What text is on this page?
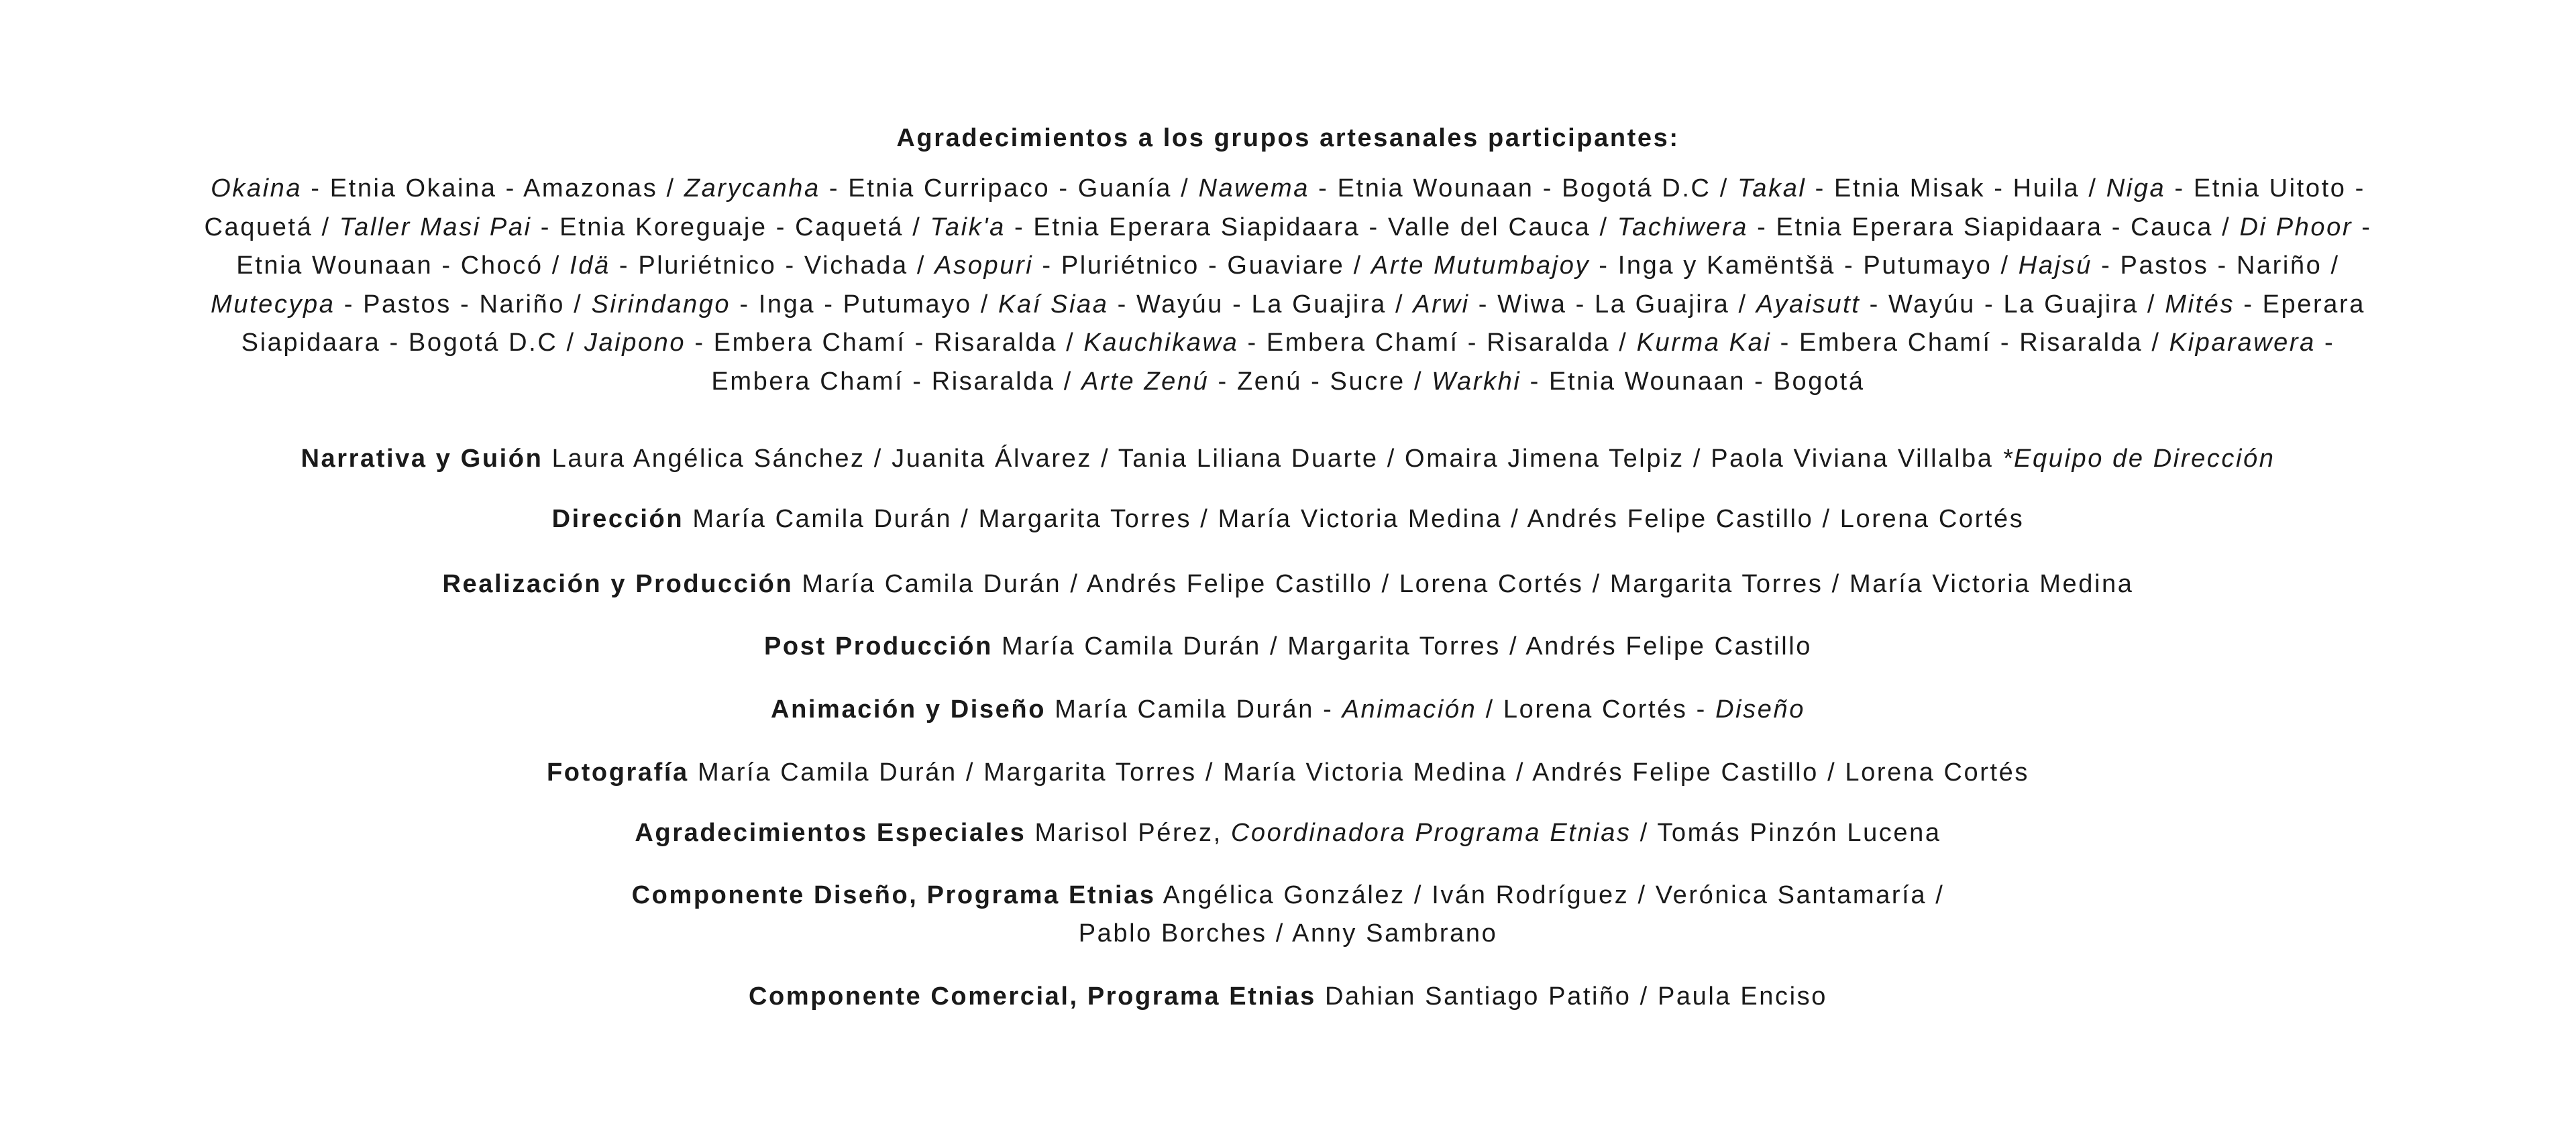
Agradecimientos a los grupos artesanales participantes:

Okaina - Etnia Okaina - Amazonas / Zarycanha - Etnia Curripaco - Guanía / Nawema - Etnia Wounaan - Bogotá D.C / Takal - Etnia Misak - Huila / Niga - Etnia Uitoto - Caquetá / Taller Masi Pai - Etnia Koreguaje - Caquetá / Taik'a - Etnia Eperara Siapidaara - Valle del Cauca / Tachiwera - Etnia Eperara Siapidaara - Cauca / Di Phoor - Etnia Wounaan - Chocó / Idä - Pluriétnico - Vichada / Asopuri - Pluriétnico - Guaviare / Arte Mutumbajoy - Inga y Kamëntšä - Putumayo / Hajsú - Pastos - Nariño / Mutecypa - Pastos - Nariño / Sirindango - Inga - Putumayo / Kaí Siaa - Wayúu - La Guajira / Arwi - Wiwa - La Guajira / Ayaisutt - Wayúu - La Guajira / Mités - Eperara Siapidaara - Bogotá D.C / Jaipono - Embera Chamí - Risaralda / Kauchikawa - Embera Chamí - Risaralda / Kurma Kai - Embera Chamí - Risaralda / Kiparawera - Embera Chamí - Risaralda / Arte Zenú - Zenú - Sucre / Warkhi - Etnia Wounaan - Bogotá

Narrativa y Guión Laura Angélica Sánchez / Juanita Álvarez / Tania Liliana Duarte / Omaira Jimena Telpiz / Paola Viviana Villalba *Equipo de Dirección

Dirección María Camila Durán / Margarita Torres / María Victoria Medina / Andrés Felipe Castillo / Lorena Cortés

Realización y Producción María Camila Durán / Andrés Felipe Castillo / Lorena Cortés / Margarita Torres / María Victoria Medina

Post Producción María Camila Durán / Margarita Torres / Andrés Felipe Castillo

Animación y Diseño María Camila Durán - Animación / Lorena Cortés - Diseño

Fotografía María Camila Durán / Margarita Torres / María Victoria Medina / Andrés Felipe Castillo / Lorena Cortés

Agradecimientos Especiales Marisol Pérez, Coordinadora Programa Etnias / Tomás Pinzón Lucena

Componente Diseño, Programa Etnias Angélica González / Iván Rodríguez / Verónica Santamaría / Pablo Borches / Anny Sambrano

Componente Comercial, Programa Etnias Dahian Santiago Patiño / Paula Enciso
